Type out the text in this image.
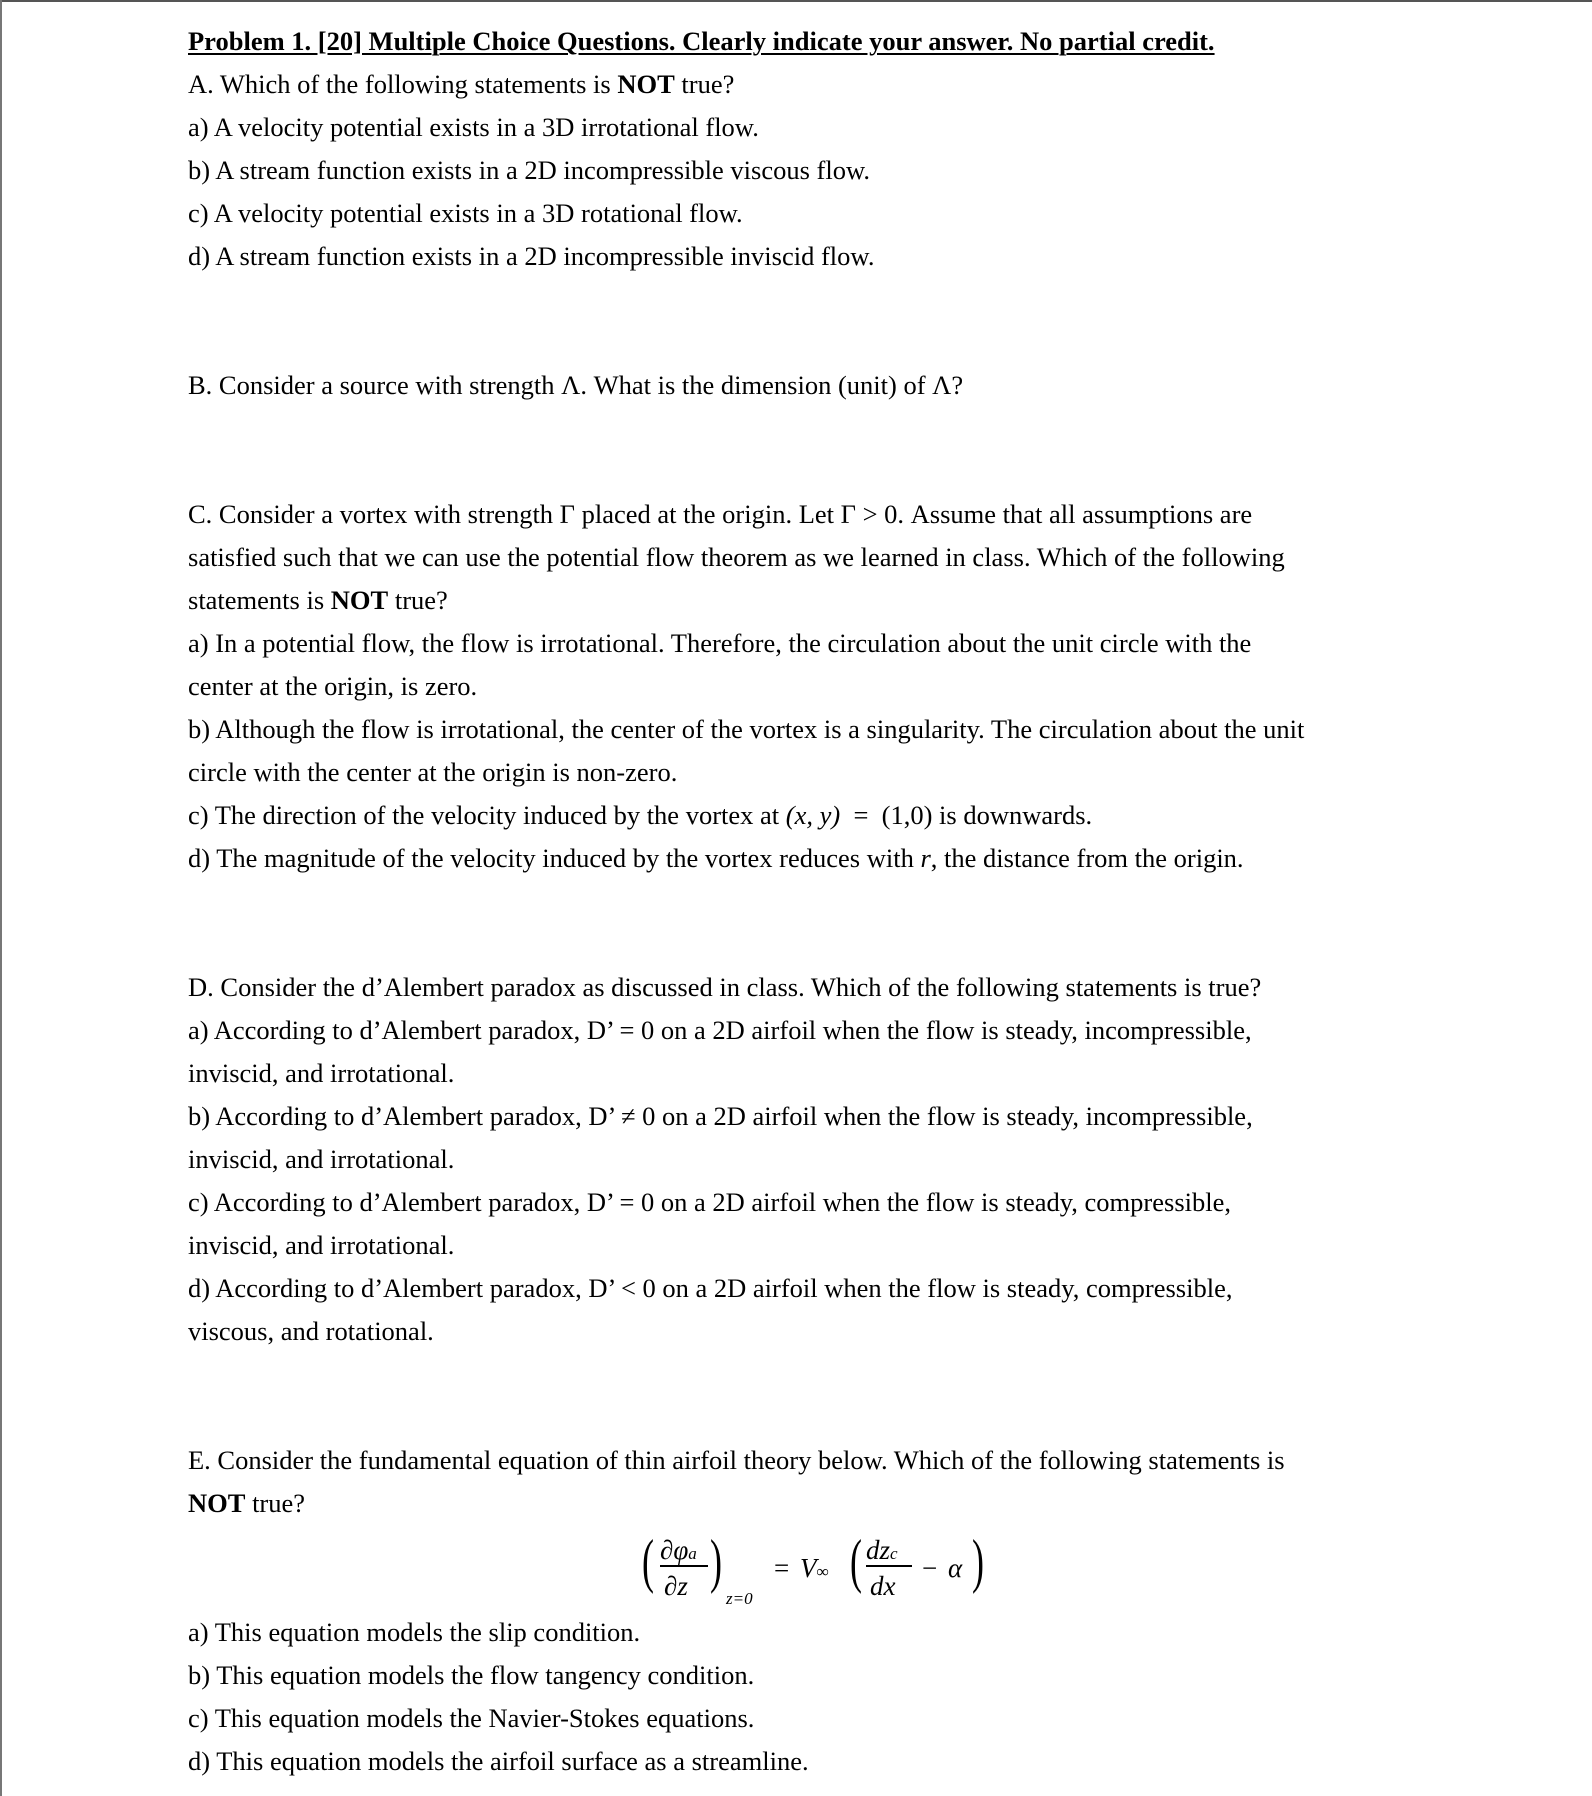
Problem 1. [20] Multiple Choice Questions. Clearly indicate your answer. No partial credit.

A. Which of the following statements is NOT true?

a) A velocity potential exists in a 3D irrotational flow.

b) A stream function exists in a 2D incompressible viscous flow.

c) A velocity potential exists in a 3D rotational flow.

d) A stream function exists in a 2D incompressible inviscid flow.

B. Consider a source with strength Λ. What is the dimension (unit) of Λ?

C. Consider a vortex with strength Γ placed at the origin. Let Γ > 0. Assume that all assumptions are

satisfied such that we can use the potential flow theorem as we learned in class. Which of the following

statements is NOT true?

a) In a potential flow, the flow is irrotational. Therefore, the circulation about the unit circle with the

center at the origin, is zero.

b) Although the flow is irrotational, the center of the vortex is a singularity. The circulation about the unit

circle with the center at the origin is non-zero.

c) The direction of the velocity induced by the vortex at (x, y)  =  (1,0) is downwards.

d) The magnitude of the velocity induced by the vortex reduces with r, the distance from the origin.

D. Consider the d’Alembert paradox as discussed in class. Which of the following statements is true?

a) According to d’Alembert paradox, D’ = 0 on a 2D airfoil when the flow is steady, incompressible,

inviscid, and irrotational.

b) According to d’Alembert paradox, D’ ≠ 0 on a 2D airfoil when the flow is steady, incompressible,

inviscid, and irrotational.

c) According to d’Alembert paradox, D’ = 0 on a 2D airfoil when the flow is steady, compressible,

inviscid, and irrotational.

d) According to d’Alembert paradox, D’ < 0 on a 2D airfoil when the flow is steady, compressible,

viscous, and rotational.

E. Consider the fundamental equation of thin airfoil theory below. Which of the following statements is

NOT true?

( ∂φa
∂z )
z=0
= V∞ ( dzc
dx
− α )

a) This equation models the slip condition.

b) This equation models the flow tangency condition.

c) This equation models the Navier-Stokes equations.

d) This equation models the airfoil surface as a streamline.
